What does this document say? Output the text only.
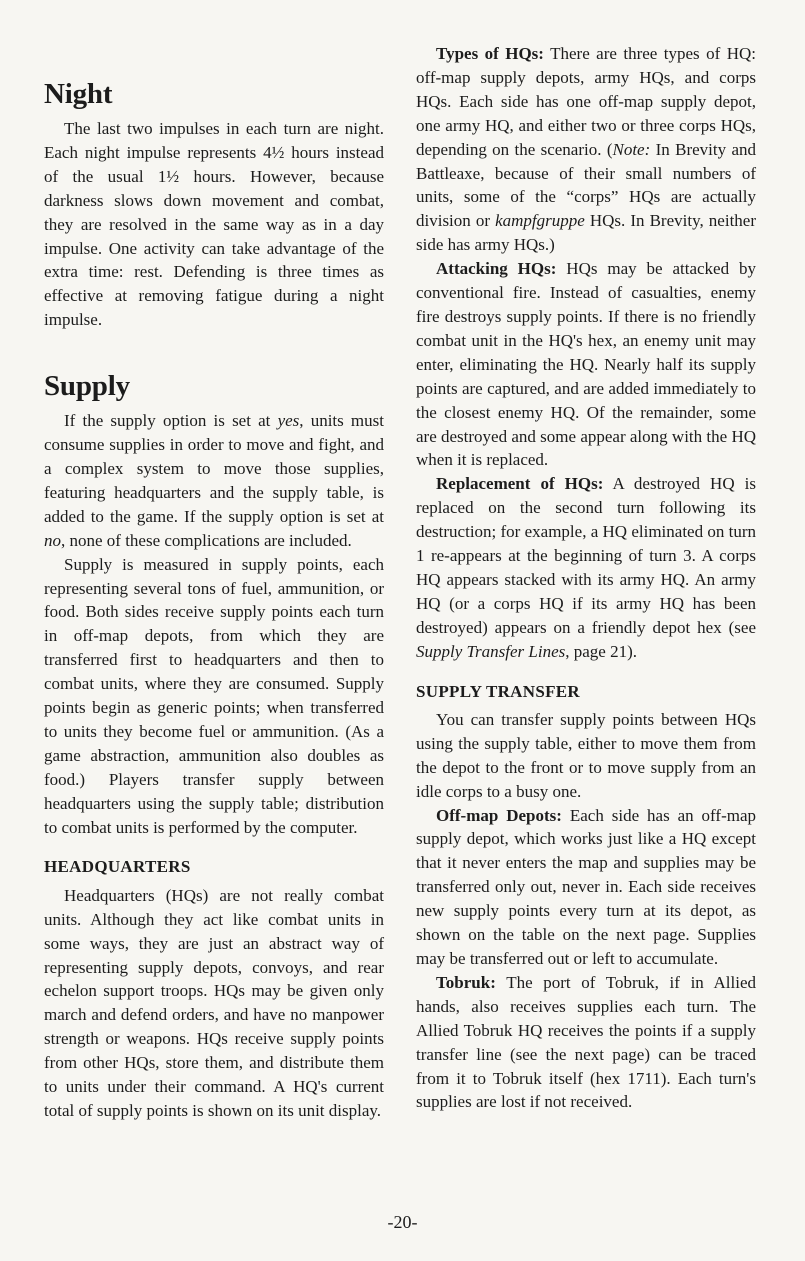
Night

The last two impulses in each turn are night. Each night impulse represents 4½ hours instead of the usual 1½ hours. However, because darkness slows down movement and combat, they are resolved in the same way as in a day impulse. One activity can take advantage of the extra time: rest. Defending is three times as effective at removing fatigue during a night impulse.

Supply

If the supply option is set at yes, units must consume supplies in order to move and fight, and a complex system to move those supplies, featuring headquarters and the supply table, is added to the game. If the supply option is set at no, none of these complications are included.

Supply is measured in supply points, each representing several tons of fuel, ammunition, or food. Both sides receive supply points each turn in off-map depots, from which they are transferred first to headquarters and then to combat units, where they are consumed. Supply points begin as generic points; when transferred to units they become fuel or ammunition. (As a game abstraction, ammunition also doubles as food.) Players transfer supply between headquarters using the supply table; distribution to combat units is performed by the computer.

HEADQUARTERS

Headquarters (HQs) are not really combat units. Although they act like combat units in some ways, they are just an abstract way of representing supply depots, convoys, and rear echelon support troops. HQs may be given only march and defend orders, and have no manpower strength or weapons. HQs receive supply points from other HQs, store them, and distribute them to units under their command. A HQ's current total of supply points is shown on its unit display.

Types of HQs: There are three types of HQ: off-map supply depots, army HQs, and corps HQs. Each side has one off-map supply depot, one army HQ, and either two or three corps HQs, depending on the scenario. (Note: In Brevity and Battleaxe, because of their small numbers of units, some of the “corps” HQs are actually division or kampfgruppe HQs. In Brevity, neither side has army HQs.)

Attacking HQs: HQs may be attacked by conventional fire. Instead of casualties, enemy fire destroys supply points. If there is no friendly combat unit in the HQ's hex, an enemy unit may enter, eliminating the HQ. Nearly half its supply points are captured, and are added immediately to the closest enemy HQ. Of the remainder, some are destroyed and some appear along with the HQ when it is replaced.

Replacement of HQs: A destroyed HQ is replaced on the second turn following its destruction; for example, a HQ eliminated on turn 1 re-appears at the beginning of turn 3. A corps HQ appears stacked with its army HQ. An army HQ (or a corps HQ if its army HQ has been destroyed) appears on a friendly depot hex (see Supply Transfer Lines, page 21).

SUPPLY TRANSFER

You can transfer supply points between HQs using the supply table, either to move them from the depot to the front or to move supply from an idle corps to a busy one.

Off-map Depots: Each side has an off-map supply depot, which works just like a HQ except that it never enters the map and supplies may be transferred only out, never in. Each side receives new supply points every turn at its depot, as shown on the table on the next page. Supplies may be transferred out or left to accumulate.

Tobruk: The port of Tobruk, if in Allied hands, also receives supplies each turn. The Allied Tobruk HQ receives the points if a supply transfer line (see the next page) can be traced from it to Tobruk itself (hex 1711). Each turn's supplies are lost if not received.

-20-
